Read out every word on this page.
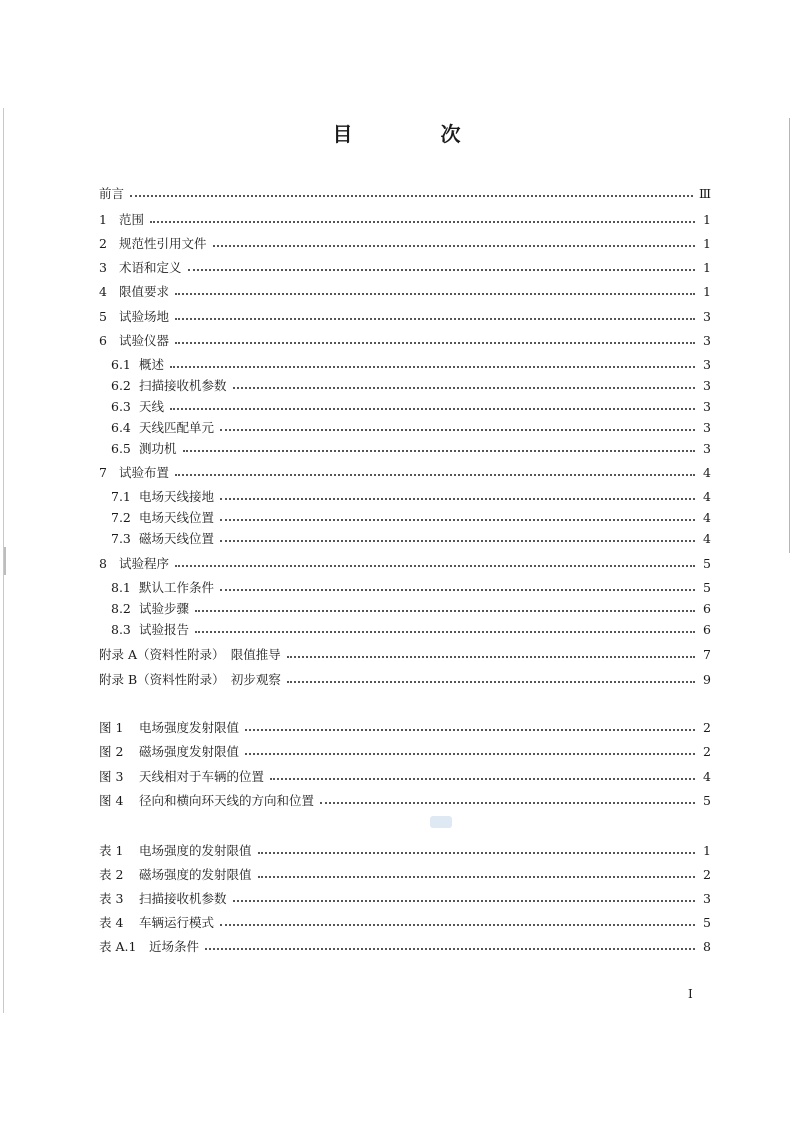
目　次
前言	Ⅲ
1 范围	1
2 规范性引用文件	1
3 术语和定义	1
4 限值要求	1
5 试验场地	3
6 试验仪器	3
6.1 概述	3
6.2 扫描接收机参数	3
6.3 天线	3
6.4 天线匹配单元	3
6.5 测功机	3
7 试验布置	4
7.1 电场天线接地	4
7.2 电场天线位置	4
7.3 磁场天线位置	4
8 试验程序	5
8.1 默认工作条件	5
8.2 试验步骤	6
8.3 试验报告	6
附录 A（资料性附录）　限值推导	7
附录 B（资料性附录）　初步观察	9
图 1	电场强度发射限值	2
图 2	磁场强度发射限值	2
图 3	天线相对于车辆的位置	4
图 4	径向和横向环天线的方向和位置	5
表 1	电场强度的发射限值	1
表 2	磁场强度的发射限值	2
表 3	扫描接收机参数	3
表 4	车辆运行模式	5
表 A.1	近场条件	8
I
